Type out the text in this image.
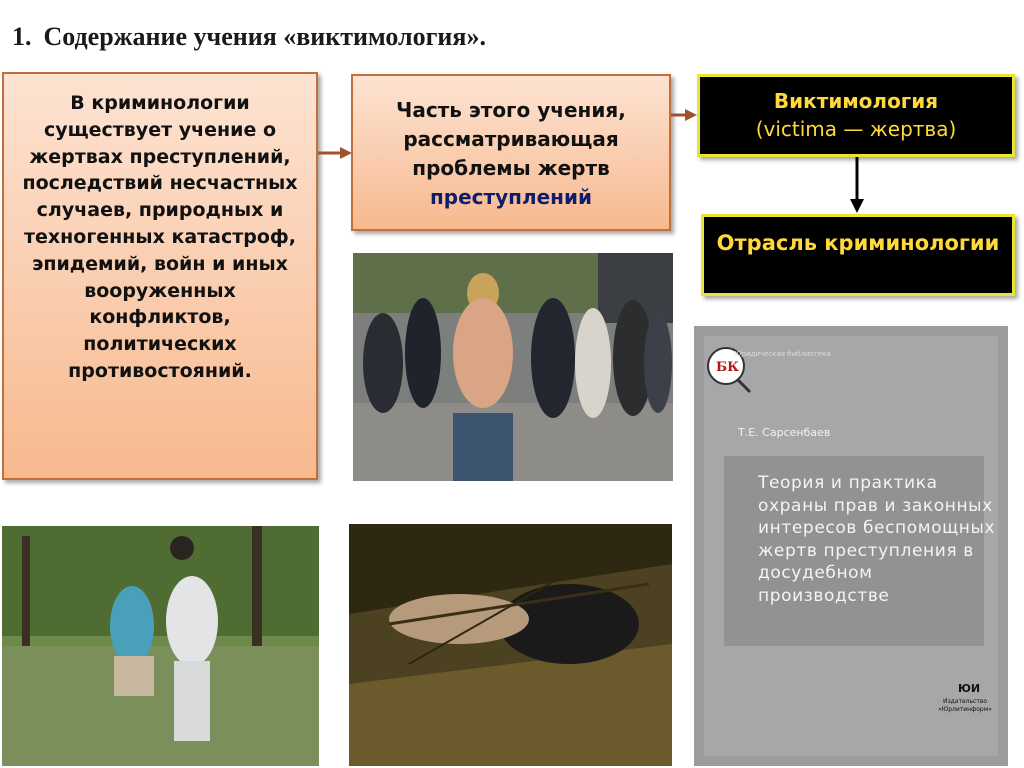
1. Содержание учения «виктимология».
В криминологии существует учение о жертвах преступлений, последствий несчастных случаев, природных и техногенных катастроф, эпидемий, войн и иных вооруженных конфликтов, политических противостояний.
Часть этого учения, рассматривающая проблемы жертв преступлений
Виктимология
(victima — жертва)
Отрасль криминологии
Юридическая библиотека
БК
Т.Е. Сарсенбаев
Теория и практика охраны прав и законных интересов беспомощных жертв преступления в досудебном производстве
ЮИ
Издательство «Юрлитинформ»
